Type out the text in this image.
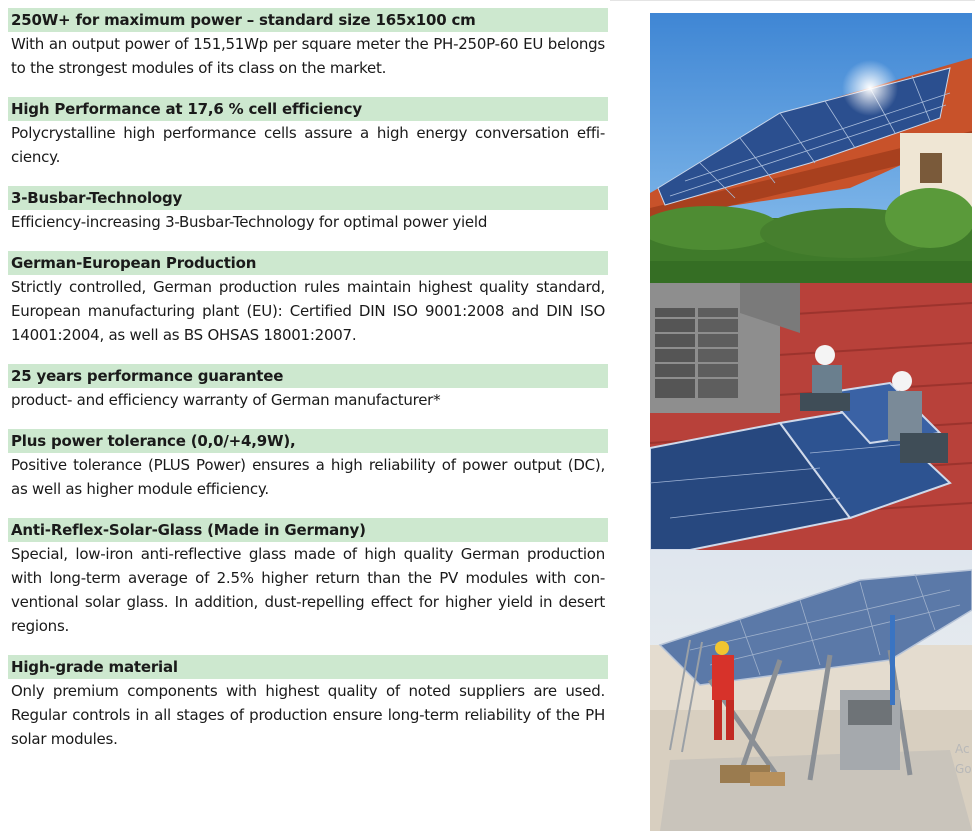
250W+ for maximum power – standard size 165x100 cm
With an output power of 151,51Wp per square meter the PH-250P-60 EU belongs to the strongest modules of its class on the market.
High Performance at 17,6 % cell efficiency
Polycrystalline high performance cells assure a high energy conversation effi-ciency.
3-Busbar-Technology
Efficiency-increasing 3-Busbar-Technology for optimal power yield
German-European Production
Strictly controlled, German production rules maintain highest quality standard, European manufacturing plant (EU): Certified DIN ISO 9001:2008 and DIN ISO 14001:2004, as well as BS OHSAS 18001:2007.
25 years performance guarantee
product- and efficiency warranty of German manufacturer*
Plus power tolerance (0,0/+4,9W),
Positive tolerance (PLUS Power) ensures a high reliability of power output (DC), as well as higher module efficiency.
Anti-Reflex-Solar-Glass (Made in Germany)
Special, low-iron anti-reflective glass made of high quality German production with long-term average of 2.5% higher return than the PV modules with con-ventional solar glass. In addition, dust-repelling effect for higher yield in desert regions.
High-grade material
Only premium components with highest quality of noted suppliers are used. Regular controls in all stages of production ensure long-term reliability of the PH solar modules.
Ac
Go
